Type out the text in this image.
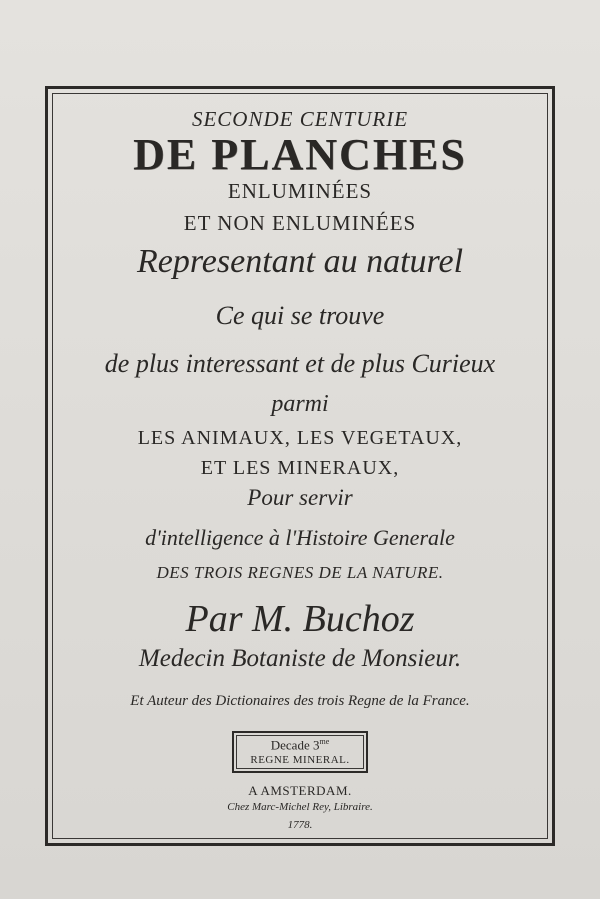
SECONDE CENTURIE
DE PLANCHES
ENLUMINÉES
ET NON ENLUMINÉES
Representant au naturel
Ce qui se trouve
de plus interessant et de plus Curieux
parmi
LES ANIMAUX, LES VEGETAUX,
ET LES MINERAUX,
Pour servir
d'intelligence à l'Histoire Generale
DES TROIS REGNES DE LA NATURE.
Par M. Buchoz
Medecin Botaniste de Monsieur.
Et Auteur des Dictionaires des trois Regne de la France.
Decade $3^{me}$
REGNE MINERAL.
A AMSTERDAM.
Chez Marc-Michel Rey, Libraire.
1778.
